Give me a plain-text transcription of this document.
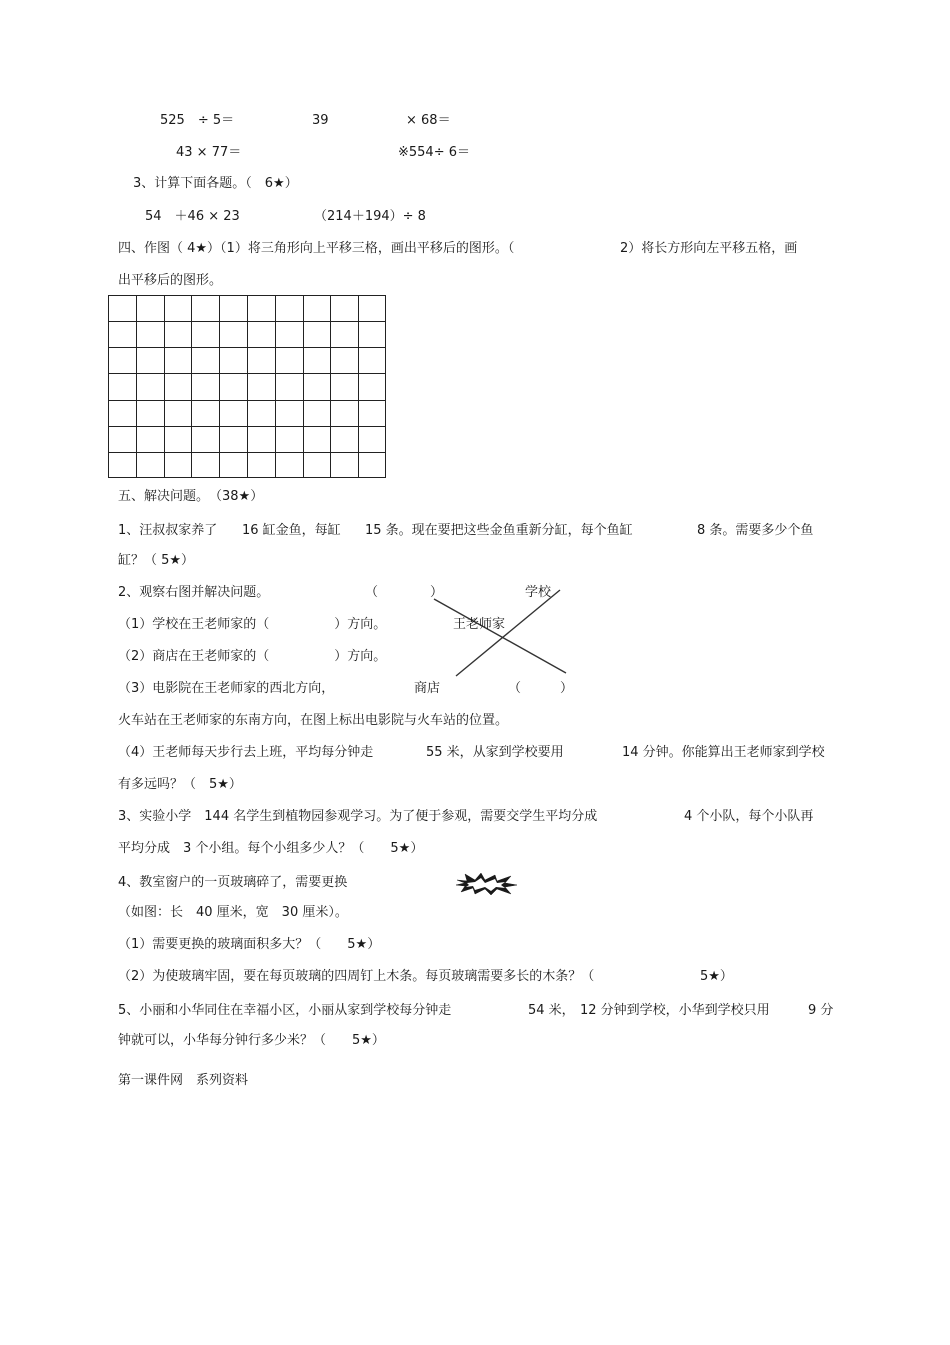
525　÷ 5＝	39	× 68＝
43 × 77＝	※554÷ 6＝
3、计算下面各题。（　6★）
54　＋46 × 23	（214＋194）÷ 8
四、作图（ 4★）（1）将三角形向上平移三格，画出平移后的图形。（	2）将长方形向左平移五格，画
出平移后的图形。
五、解决问题。　（38★）
1、汪叔叔家养了 16 缸金鱼，每缸 15 条。现在要把这些金鱼重新分缸，每个鱼缸	8 条。需要多少个鱼
缸？（ 5★）
2、观察右图并解决问题。	（　　　　）	学校
（1）学校在王老师家的（　　　　　）方向。	王老师家
（2）商店在王老师家的（　　　　　）方向。
（3）电影院在王老师家的西北方向，	商店	（　　　）
火车站在王老师家的东南方向，在图上标出电影院与火车站的位置。
（4）王老师每天步行去上班，平均每分钟走	55 米，从家到学校要用	14 分钟。你能算出王老师家到学校
有多远吗？（　5★）
3、实验小学　144 名学生到植物园参观学习。为了便于参观，需要交学生平均分成	4 个小队，每个小队再
平均分成　3 个小组。每个小组多少人？（　　5★）
4、教室窗户的一页玻璃碎了，需要更换
（如图：长　40 厘米，宽　30 厘米）。
（1）需要更换的玻璃面积多大？（　　5★）
（2）为使玻璃牢固，要在每页玻璃的四周钉上木条。每页玻璃需要多长的木条？（	5★）
5、小丽和小华同住在幸福小区，小丽从家到学校每分钟走	54 米， 12 分钟到学校，小华到学校只用	9 分
钟就可以，小华每分钟行多少米？（　　5★）
第一课件网　系列资料
